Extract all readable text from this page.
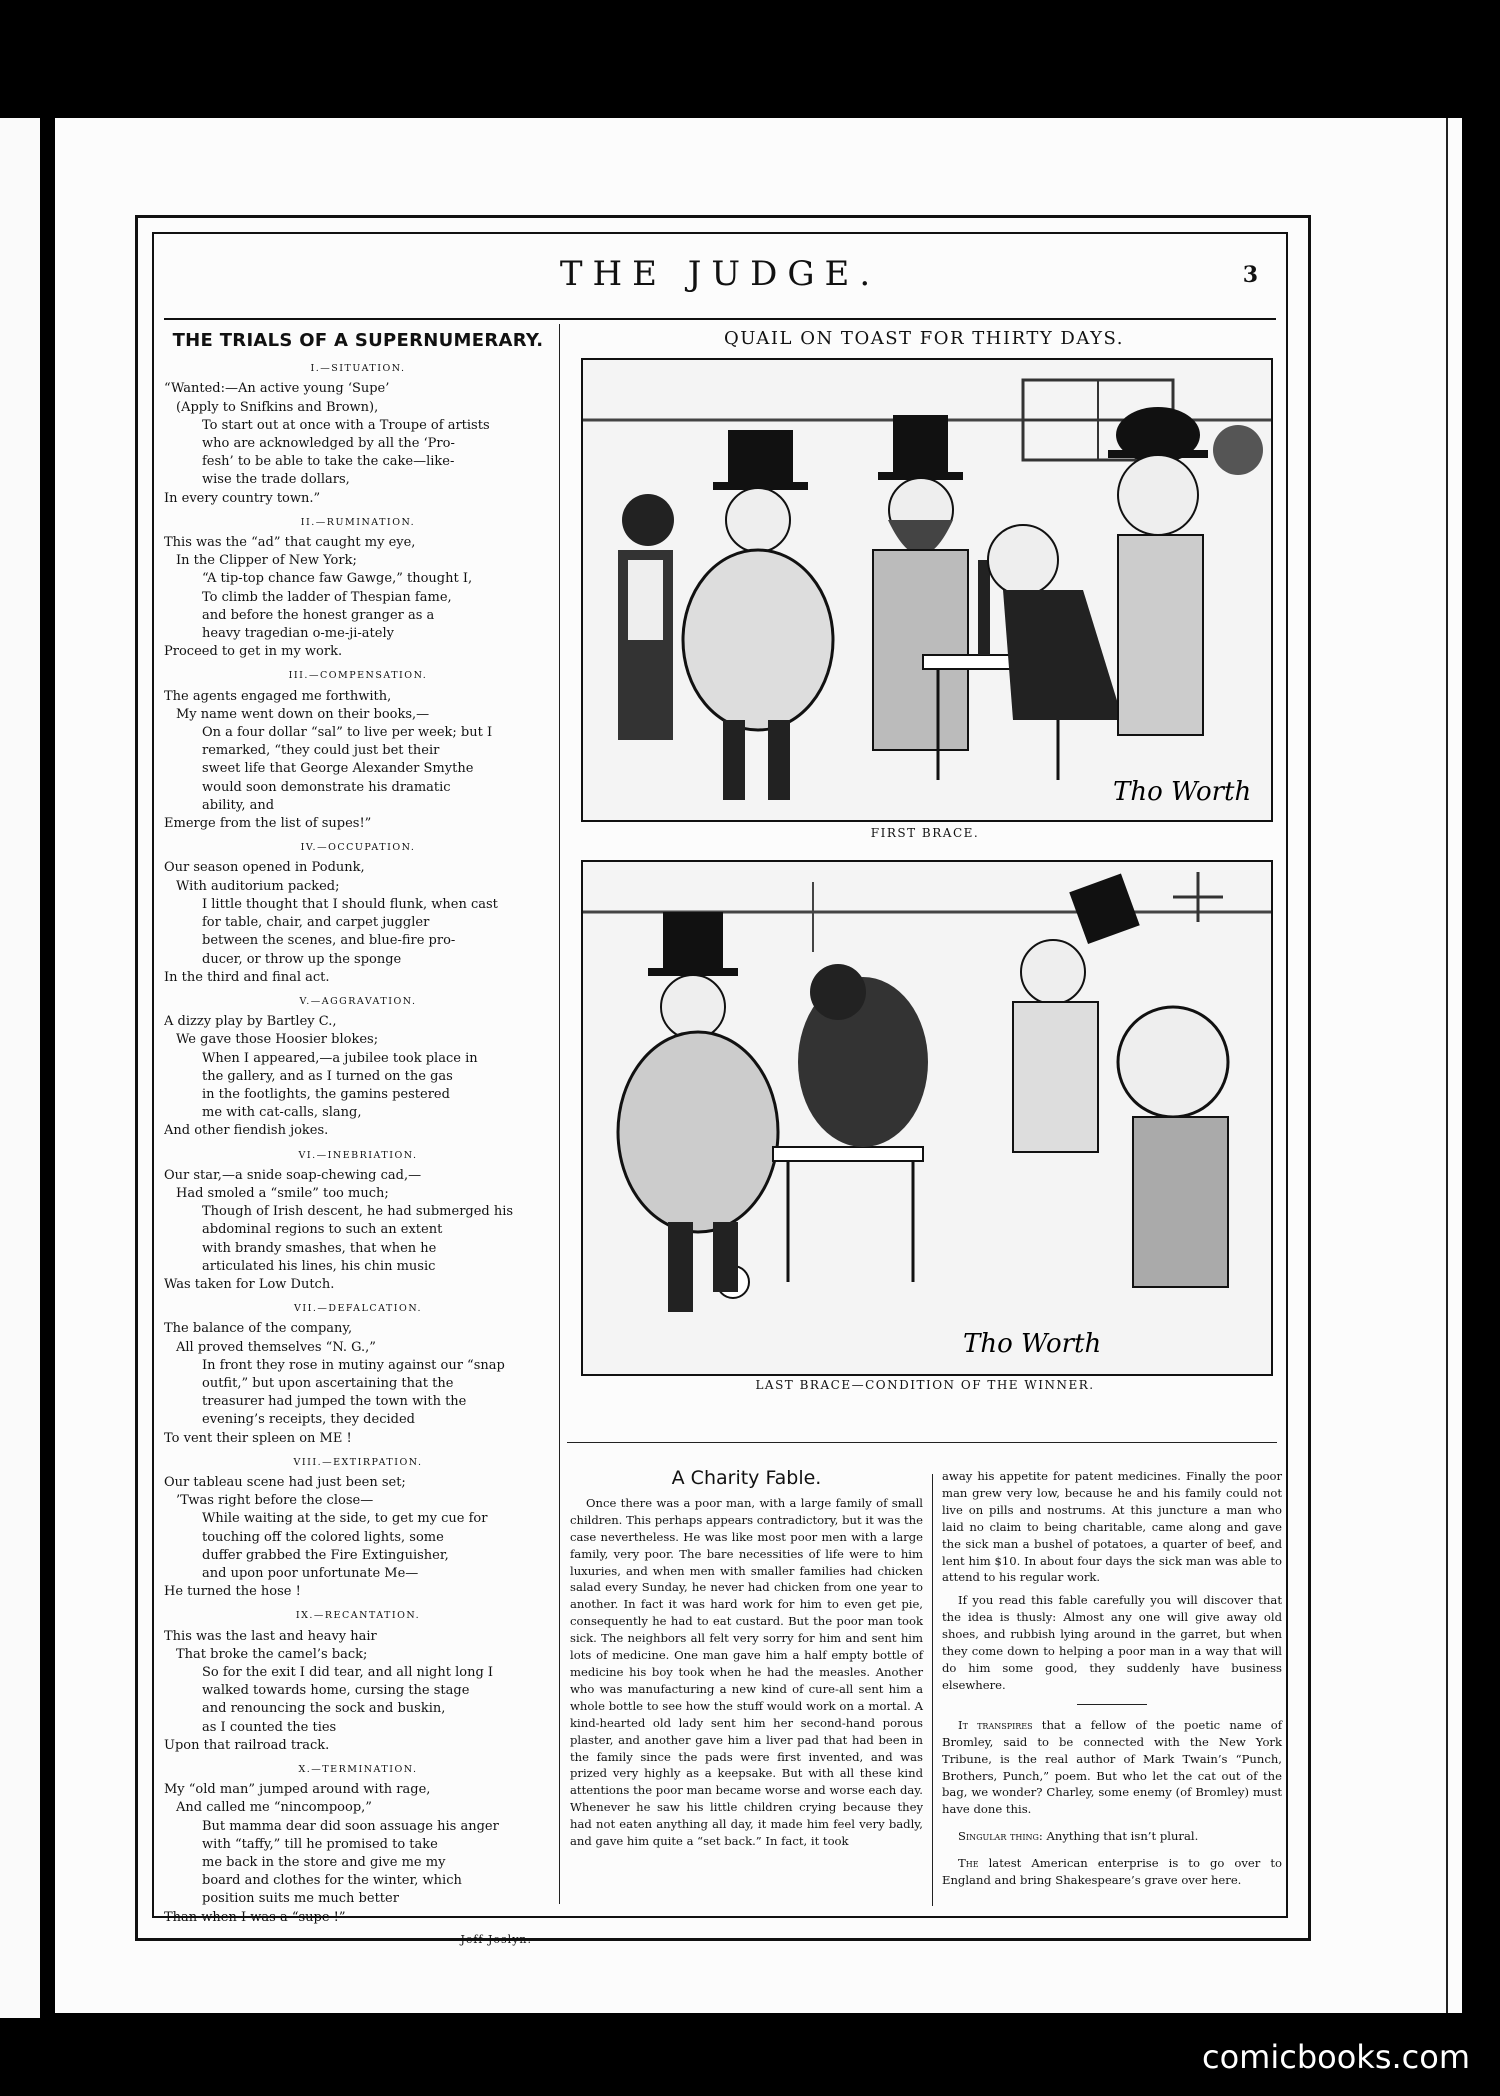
THE JUDGE.	3
THE TRIALS OF A SUPERNUMERARY.
I.—SITUATION.
“Wanted:—An active young ‘Supe’
(Apply to Snifkins and Brown),
To start out at once with a Troupe of artists
who are acknowledged by all the ‘Pro-
fesh’ to be able to take the cake—like-
wise the trade dollars,
In every country town.”
II.—RUMINATION.
This was the “ad” that caught my eye,
In the Clipper of New York;
“A tip-top chance faw Gawge,” thought I,
To climb the ladder of Thespian fame,
and before the honest granger as a
heavy tragedian o-me-ji-ately
Proceed to get in my work.
III.—COMPENSATION.
The agents engaged me forthwith,
My name went down on their books,—
On a four dollar “sal” to live per week; but I
remarked, “they could just bet their
sweet life that George Alexander Smythe
would soon demonstrate his dramatic
ability, and
Emerge from the list of supes!”
IV.—OCCUPATION.
Our season opened in Podunk,
With auditorium packed;
I little thought that I should flunk, when cast
for table, chair, and carpet juggler
between the scenes, and blue-fire pro-
ducer, or throw up the sponge
In the third and final act.
V.—AGGRAVATION.
A dizzy play by Bartley C.,
We gave those Hoosier blokes;
When I appeared,—a jubilee took place in
the gallery, and as I turned on the gas
in the footlights, the gamins pestered
me with cat-calls, slang,
And other fiendish jokes.
VI.—INEBRIATION.
Our star,—a snide soap-chewing cad,—
Had smoled a “smile” too much;
Though of Irish descent, he had submerged his
abdominal regions to such an extent
with brandy smashes, that when he
articulated his lines, his chin music
Was taken for Low Dutch.
VII.—DEFALCATION.
The balance of the company,
All proved themselves “N. G.,”
In front they rose in mutiny against our “snap
outfit,” but upon ascertaining that the
treasurer had jumped the town with the
evening’s receipts, they decided
To vent their spleen on ME !
VIII.—EXTIRPATION.
Our tableau scene had just been set;
’Twas right before the close—
While waiting at the side, to get my cue for
touching off the colored lights, some
duffer grabbed the Fire Extinguisher,
and upon poor unfortunate Me—
He turned the hose !
IX.—RECANTATION.
This was the last and heavy hair
That broke the camel’s back;
So for the exit I did tear, and all night long I
walked towards home, cursing the stage
and renouncing the sock and buskin,
as I counted the ties
Upon that railroad track.
X.—TERMINATION.
My “old man” jumped around with rage,
And called me “nincompoop,”
But mamma dear did soon assuage his anger
with “taffy,” till he promised to take
me back in the store and give me my
board and clothes for the winter, which
position suits me much better
Than when I was a “supe !”
—Jeff Joslyn.
QUAIL ON TOAST FOR THIRTY DAYS.
Tho Worth
FIRST BRACE.
Tho Worth
LAST BRACE—CONDITION OF THE WINNER.
A Charity Fable.

Once there was a poor man, with a large family of small children. This perhaps appears contradictory, but it was the case nevertheless. He was like most poor men with a large family, very poor. The bare necessities of life were to him luxuries, and when men with smaller families had chicken salad every Sunday, he never had chicken from one year to another. In fact it was hard work for him to even get pie, consequently he had to eat custard. But the poor man took sick. The neighbors all felt very sorry for him and sent him lots of medicine. One man gave him a half empty bottle of medicine his boy took when he had the measles. Another who was manufacturing a new kind of cure-all sent him a whole bottle to see how the stuff would work on a mortal. A kind-hearted old lady sent him her second-hand porous plaster, and another gave him a liver pad that had been in the family since the pads were first invented, and was prized very highly as a keepsake. But with all these kind attentions the poor man became worse and worse each day. Whenever he saw his little children crying because they had not eaten anything all day, it made him feel very badly, and gave him quite a “set back.” In fact, it took

away his appetite for patent medicines. Finally the poor man grew very low, because he and his family could not live on pills and nostrums. At this juncture a man who laid no claim to being charitable, came along and gave the sick man a bushel of potatoes, a quarter of beef, and lent him $10. In about four days the sick man was able to attend to his regular work.

If you read this fable carefully you will discover that the idea is thusly: Almost any one will give away old shoes, and rubbish lying around in the garret, but when they come down to helping a poor man in a way that will do him some good, they suddenly have business elsewhere.

It transpires that a fellow of the poetic name of Bromley, said to be connected with the New York Tribune, is the real author of Mark Twain’s “Punch, Brothers, Punch,” poem. But who let the cat out of the bag, we wonder? Charley, some enemy (of Bromley) must have done this.

Singular thing: Anything that isn’t plural.

The latest American enterprise is to go over to England and bring Shakespeare’s grave over here.

comicbooks.com
